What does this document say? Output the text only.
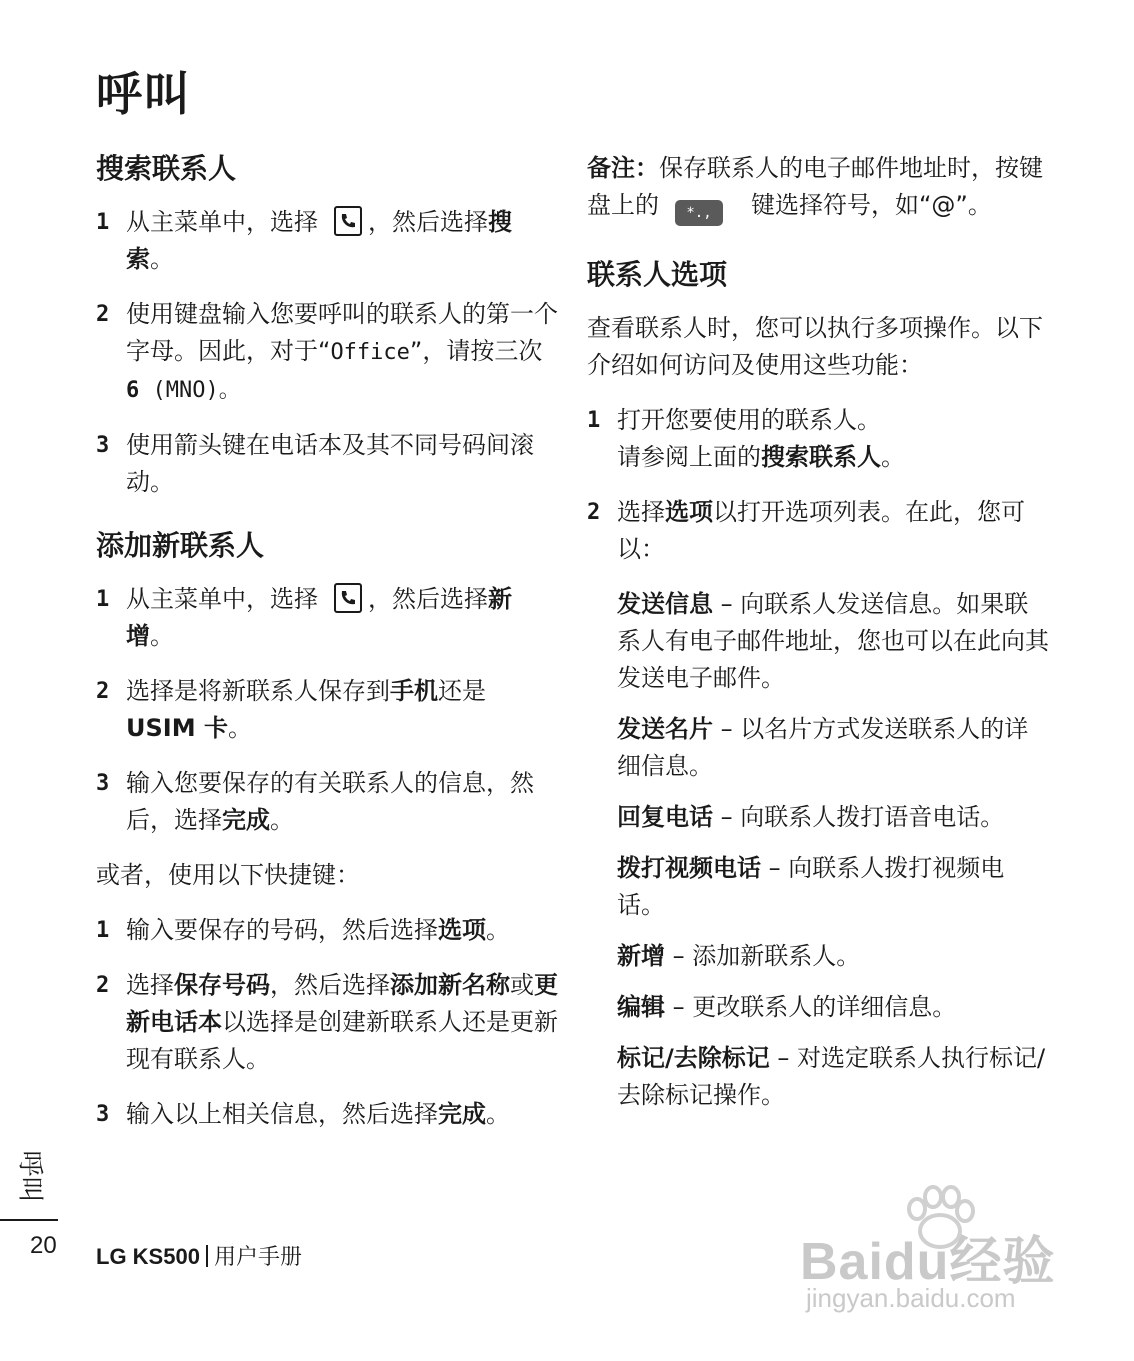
呼叫
搜索联系人
1 从主菜单中，选择 ，然后选择搜索。
2 使用键盘输入您要呼叫的联系人的第一个字母。因此，对于“Office”，请按三次 6 (MNO)。
3 使用箭头键在电话本及其不同号码间滚动。
添加新联系人
1 从主菜单中，选择 ，然后选择新增。
2 选择是将新联系人保存到手机还是 USIM 卡。
3 输入您要保存的有关联系人的信息，然后，选择完成。
或者，使用以下快捷键：
1 输入要保存的号码，然后选择选项。
2 选择保存号码，然后选择添加新名称或更新电话本以选择是创建新联系人还是更新现有联系人。
3 输入以上相关信息，然后选择完成。
备注：保存联系人的电子邮件地址时，按键盘上的 *., 键选择符号，如“@”。
联系人选项
查看联系人时，您可以执行多项操作。以下介绍如何访问及使用这些功能：
1 打开您要使用的联系人。
请参阅上面的搜索联系人。
2 选择选项以打开选项列表。在此，您可以：
发送信息 – 向联系人发送信息。如果联系人有电子邮件地址，您也可以在此向其发送电子邮件。
发送名片 – 以名片方式发送联系人的详细信息。
回复电话 – 向联系人拨打语音电话。
拨打视频电话 – 向联系人拨打视频电话。
新增 – 添加新联系人。
编辑 – 更改联系人的详细信息。
标记/去除标记 – 对选定联系人执行标记/去除标记操作。
呼叫
20 LG KS500 用户手册	Baidu经验
jingyan.baidu.com
